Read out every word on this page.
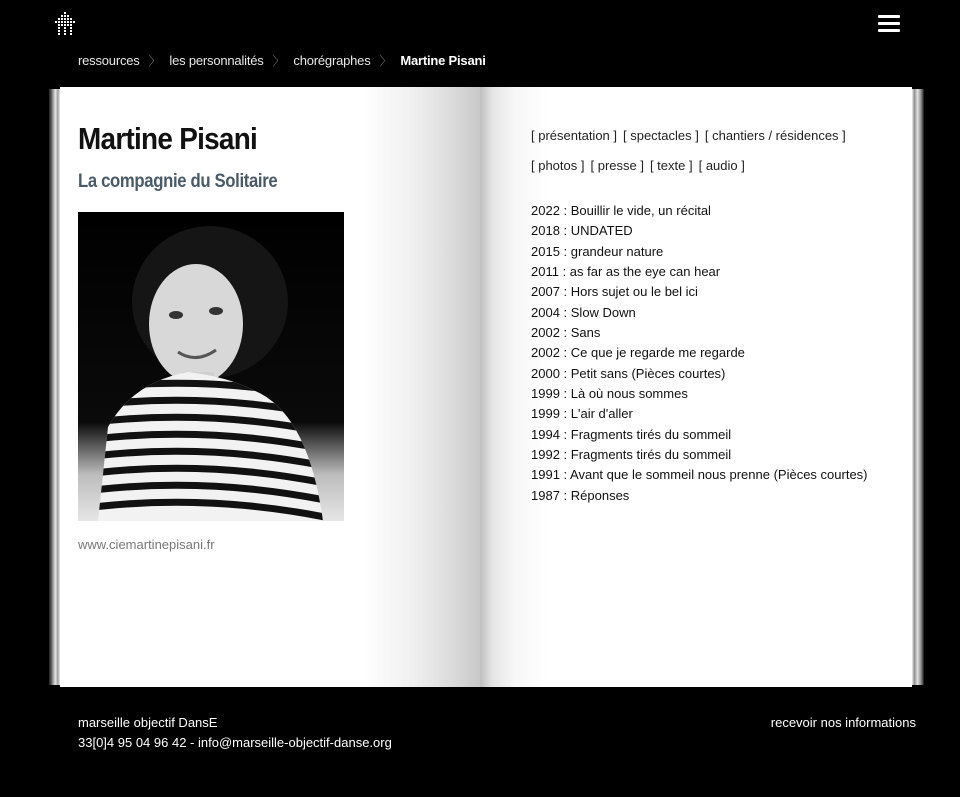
ressources 〉 les personnalités 〉 chorégraphes 〉 Martine Pisani
Martine Pisani
La compagnie du Solitaire
www.ciemartinepisani.fr
[ présentation ] [ spectacles ] [ chantiers / résidences ]
[ photos ] [ presse ] [ texte ] [ audio ]
2022 : Bouillir le vide, un récital
2018 : UNDATED
2015 : grandeur nature
2011 : as far as the eye can hear
2007 : Hors sujet ou le bel ici
2004 : Slow Down
2002 : Sans
2002 : Ce que je regarde me regarde
2000 : Petit sans (Pièces courtes)
1999 : Là où nous sommes
1999 : L'air d'aller
1994 : Fragments tirés du sommeil
1992 : Fragments tirés du sommeil
1991 : Avant que le sommeil nous prenne (Pièces courtes)
1987 : Réponses
marseille objectif DansE
33[0]4 95 04 96 42 - info@marseille-objectif-danse.org
recevoir nos informations
